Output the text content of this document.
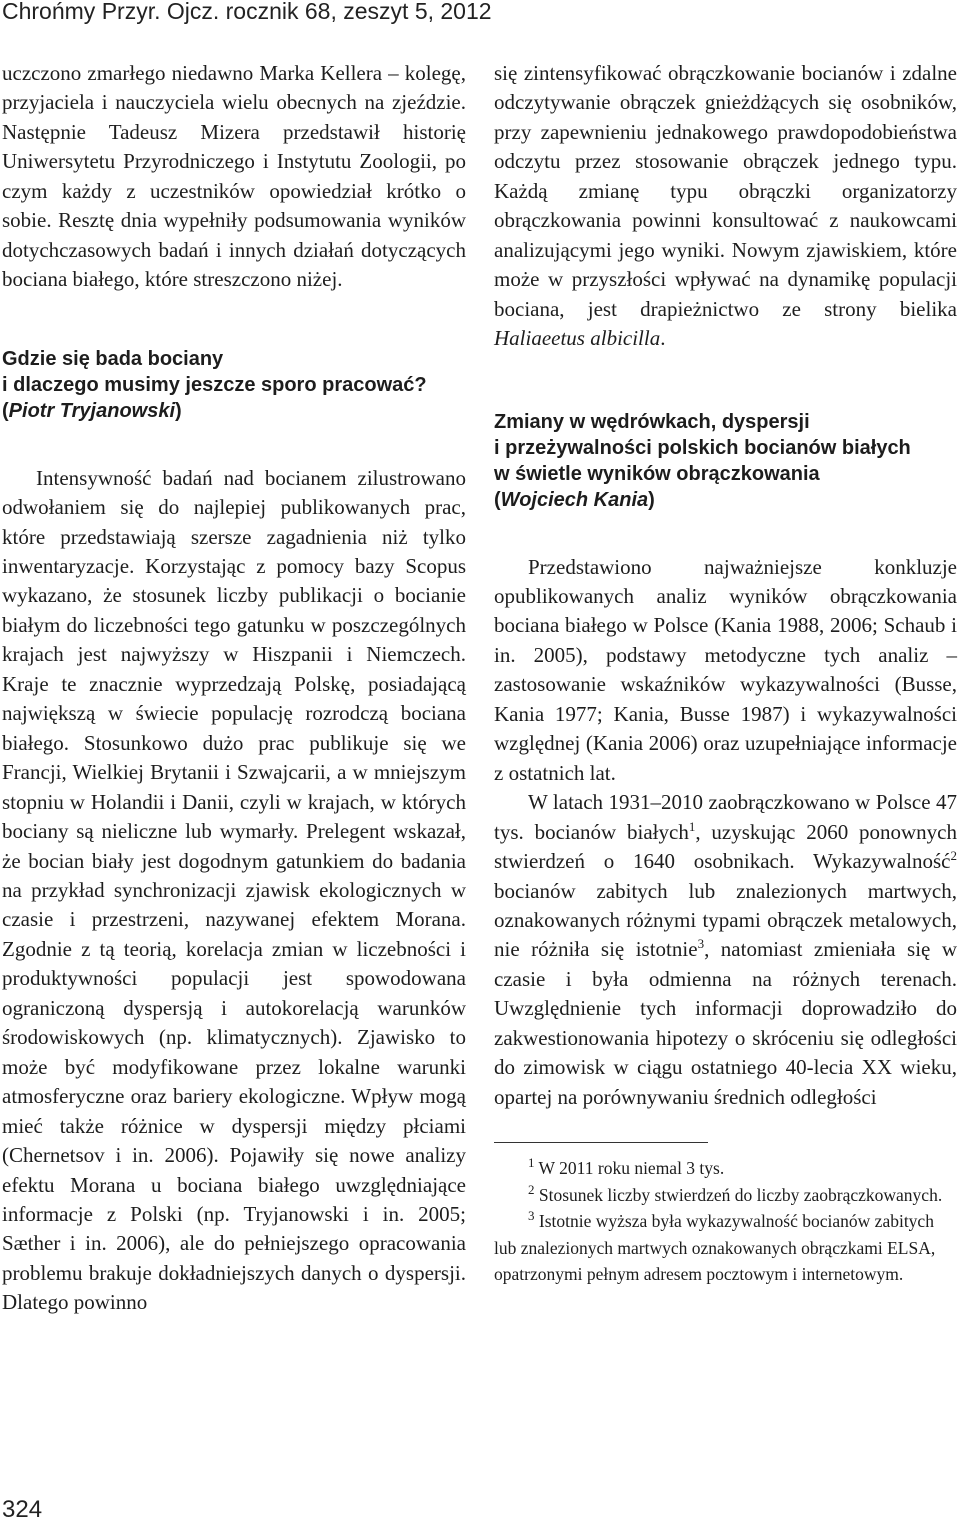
Chrońmy Przyr. Ojcz. rocznik 68, zeszyt 5, 2012

uczczono zmarłego niedawno Marka Kellera – kolegę, przyjaciela i nauczyciela wielu obecnych na zjeździe. Następnie Tadeusz Mizera przedstawił historię Uniwersytetu Przyrodniczego i Instytutu Zoologii, po czym każdy z uczestników opowiedział krótko o sobie. Resztę dnia wypełniły podsumowania wyników dotychczasowych badań i innych działań dotyczących bociana białego, które streszczono niżej.

Gdzie się bada bociany
i dlaczego musimy jeszcze sporo pracować?
(Piotr Tryjanowski)

Intensywność badań nad bocianem zilustrowano odwołaniem się do najlepiej publikowanych prac, które przedstawiają szersze zagadnienia niż tylko inwentaryzacje. Korzystając z pomocy bazy Scopus wykazano, że stosunek liczby publikacji o bocianie białym do liczebności tego gatunku w poszczególnych krajach jest najwyższy w Hiszpanii i Niemczech. Kraje te znacznie wyprzedzają Polskę, posiadającą największą w świecie populację rozrodczą bociana białego. Stosunkowo dużo prac publikuje się we Francji, Wielkiej Brytanii i Szwajcarii, a w mniejszym stopniu w Holandii i Danii, czyli w krajach, w których bociany są nieliczne lub wymarły. Prelegent wskazał, że bocian biały jest dogodnym gatunkiem do badania na przykład synchronizacji zjawisk ekologicznych w czasie i przestrzeni, nazywanej efektem Morana. Zgodnie z tą teorią, korelacja zmian w liczebności i produktywności populacji jest spowodowana ograniczoną dyspersją i autokorelacją warunków środowiskowych (np. klimatycznych). Zjawisko to może być modyfikowane przez lokalne warunki atmosferyczne oraz bariery ekologiczne. Wpływ mogą mieć także różnice w dyspersji między płciami (Chernetsov i in. 2006). Pojawiły się nowe analizy efektu Morana u bociana białego uwzględniające informacje z Polski (np. Tryjanowski i in. 2005; Sæther i in. 2006), ale do pełniejszego opracowania problemu brakuje dokładniejszych danych o dyspersji. Dlatego powinno

się zintensyfikować obrączkowanie bocianów i zdalne odczytywanie obrączek gnieżdżących się osobników, przy zapewnieniu jednakowego prawdopodobieństwa odczytu przez stosowanie obrączek jednego typu. Każdą zmianę typu obrączki organizatorzy obrączkowania powinni konsultować z naukowcami analizującymi jego wyniki. Nowym zjawiskiem, które może w przyszłości wpływać na dynamikę populacji bociana, jest drapieżnictwo ze strony bielika Haliaeetus albicilla.

Zmiany w wędrówkach, dyspersji
i przeżywalności polskich bocianów białych
w świetle wyników obrączkowania
(Wojciech Kania)

Przedstawiono najważniejsze konkluzje opublikowanych analiz wyników obrączkowania bociana białego w Polsce (Kania 1988, 2006; Schaub i in. 2005), podstawy metodyczne tych analiz – zastosowanie wskaźników wykazywalności (Busse, Kania 1977; Kania, Busse 1987) i wykazywalności względnej (Kania 2006) oraz uzupełniające informacje z ostatnich lat.

W latach 1931–2010 zaobrączkowano w Polsce 47 tys. bocianów białych$^1$, uzyskując 2060 ponownych stwierdzeń o 1640 osobnikach. Wykazywalność$^2$ bocianów zabitych lub znalezionych martwych, oznakowanych różnymi typami obrączek metalowych, nie różniła się istotnie$^3$, natomiast zmieniała się w czasie i była odmienna na różnych terenach. Uwzględnienie tych informacji doprowadziło do zakwestionowania hipotezy o skróceniu się odległości do zimowisk w ciągu ostatniego 40-lecia XX wieku, opartej na porównywaniu średnich odległości

$^1$ W 2011 roku niemal 3 tys.

$^2$ Stosunek liczby stwierdzeń do liczby zaobrączkowanych.

$^3$ Istotnie wyższa była wykazywalność bocianów zabitych lub znalezionych martwych oznakowanych obrączkami ELSA, opatrzonymi pełnym adresem pocztowym i internetowym.

324
